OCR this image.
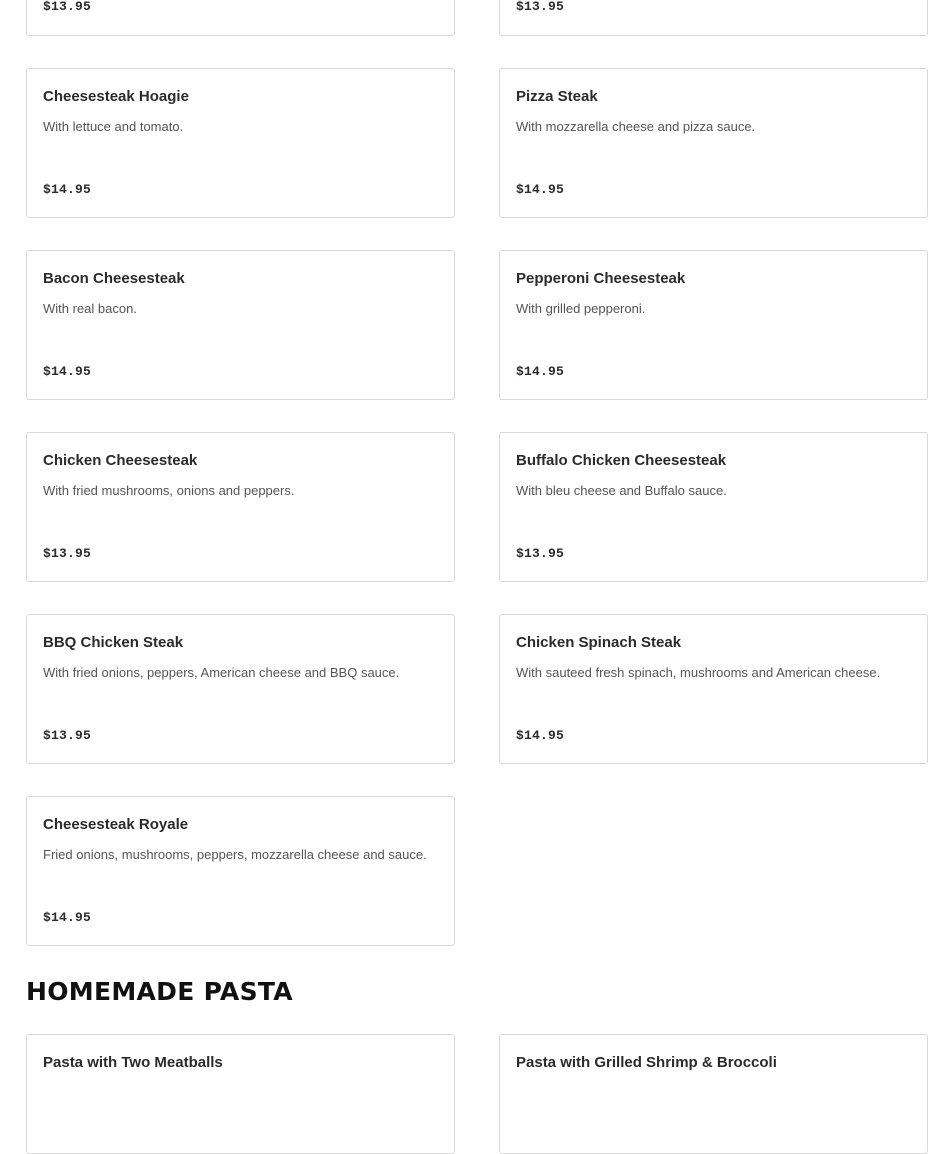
$13.95	$13.95
Cheesesteak Hoagie
With lettuce and tomato.
$14.95
Pizza Steak
With mozzarella cheese and pizza sauce.
$14.95
Bacon Cheesesteak
With real bacon.
$14.95
Pepperoni Cheesesteak
With grilled pepperoni.
$14.95
Chicken Cheesesteak
With fried mushrooms, onions and peppers.
$13.95
Buffalo Chicken Cheesesteak
With bleu cheese and Buffalo sauce.
$13.95
BBQ Chicken Steak
With fried onions, peppers, American cheese and BBQ sauce.
$13.95
Chicken Spinach Steak
With sauteed fresh spinach, mushrooms and American cheese.
$14.95
Cheesesteak Royale
Fried onions, mushrooms, peppers, mozzarella cheese and sauce.
$14.95
HOMEMADE PASTA
Pasta with Two Meatballs	Pasta with Grilled Shrimp & Broccoli
